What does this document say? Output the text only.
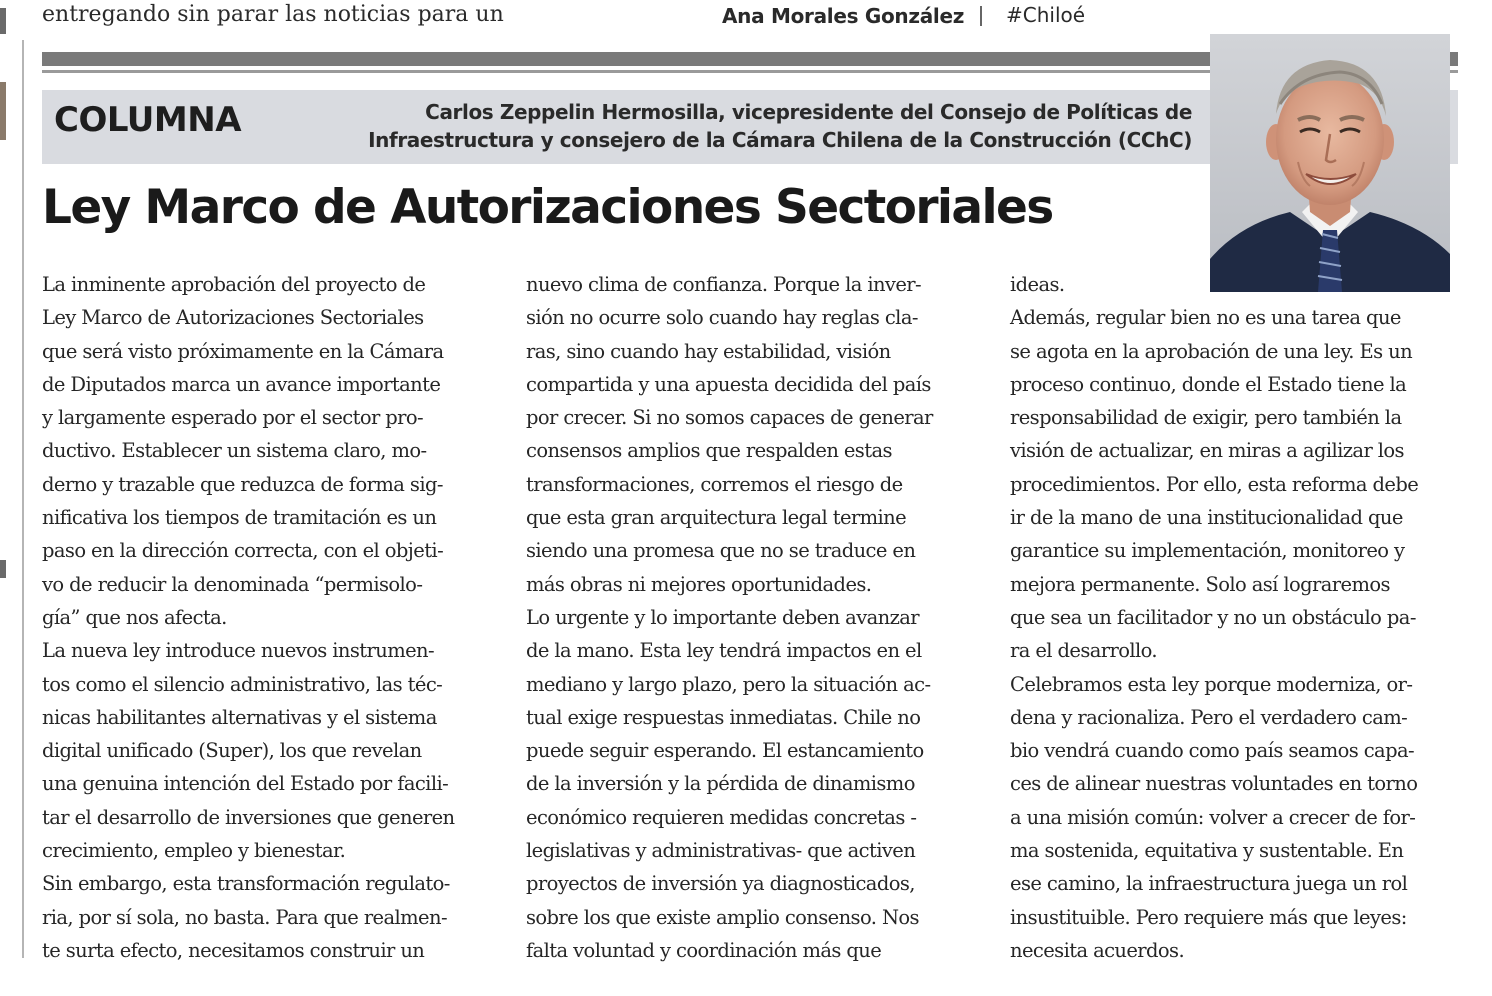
entregando sin parar las noticias para un	Ana Morales González #Chiloé
COLUMNA	Carlos Zeppelin Hermosilla, vicepresidente del Consejo de Políticas de
Infraestructura y consejero de la Cámara Chilena de la Construcción (CChC)
Ley Marco de Autorizaciones Sectoriales
La inminente aprobación del proyecto de
Ley Marco de Autorizaciones Sectoriales
que será visto próximamente en la Cámara
de Diputados marca un avance importante
y largamente esperado por el sector pro-
ductivo. Establecer un sistema claro, mo-
derno y trazable que reduzca de forma sig-
nificativa los tiempos de tramitación es un
paso en la dirección correcta, con el objeti-
vo de reducir la denominada “permisolo-
gía” que nos afecta.
La nueva ley introduce nuevos instrumen-
tos como el silencio administrativo, las téc-
nicas habilitantes alternativas y el sistema
digital unificado (Super), los que revelan
una genuina intención del Estado por facili-
tar el desarrollo de inversiones que generen
crecimiento, empleo y bienestar.
Sin embargo, esta transformación regulato-
ria, por sí sola, no basta. Para que realmen-
te surta efecto, necesitamos construir un
nuevo clima de confianza. Porque la inver-
sión no ocurre solo cuando hay reglas cla-
ras, sino cuando hay estabilidad, visión
compartida y una apuesta decidida del país
por crecer. Si no somos capaces de generar
consensos amplios que respalden estas
transformaciones, corremos el riesgo de
que esta gran arquitectura legal termine
siendo una promesa que no se traduce en
más obras ni mejores oportunidades.
Lo urgente y lo importante deben avanzar
de la mano. Esta ley tendrá impactos en el
mediano y largo plazo, pero la situación ac-
tual exige respuestas inmediatas. Chile no
puede seguir esperando. El estancamiento
de la inversión y la pérdida de dinamismo
económico requieren medidas concretas -
legislativas y administrativas- que activen
proyectos de inversión ya diagnosticados,
sobre los que existe amplio consenso. Nos
falta voluntad y coordinación más que
ideas.
Además, regular bien no es una tarea que
se agota en la aprobación de una ley. Es un
proceso continuo, donde el Estado tiene la
responsabilidad de exigir, pero también la
visión de actualizar, en miras a agilizar los
procedimientos. Por ello, esta reforma debe
ir de la mano de una institucionalidad que
garantice su implementación, monitoreo y
mejora permanente. Solo así lograremos
que sea un facilitador y no un obstáculo pa-
ra el desarrollo.
Celebramos esta ley porque moderniza, or-
dena y racionaliza. Pero el verdadero cam-
bio vendrá cuando como país seamos capa-
ces de alinear nuestras voluntades en torno
a una misión común: volver a crecer de for-
ma sostenida, equitativa y sustentable. En
ese camino, la infraestructura juega un rol
insustituible. Pero requiere más que leyes:
necesita acuerdos.
